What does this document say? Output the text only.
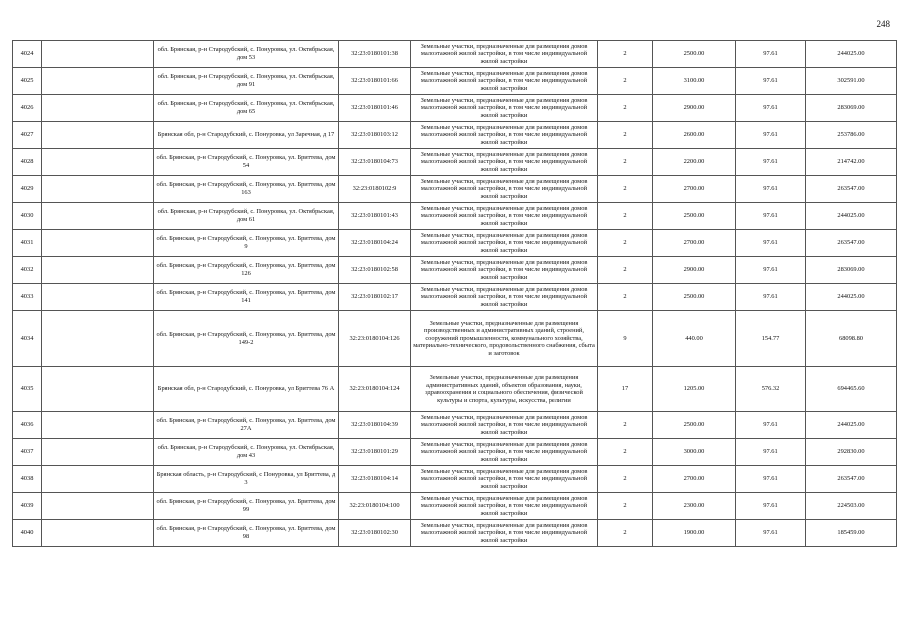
248
4024		обл. Брянская, р-н Стародубский, с. Понуровка, ул. Октябрьская, дом 53	32:23:0180101:38	Земельные участки, предназначенные для размещения домов малоэтажной жилой застройки, в том числе индивидуальной жилой застройки	2	2500.00	97.61	244025.00
4025		обл. Брянская, р-н Стародубский, с. Понуровка, ул. Октябрьская, дом 91	32:23:0180101:66	Земельные участки, предназначенные для размещения домов малоэтажной жилой застройки, в том числе индивидуальной жилой застройки	2	3100.00	97.61	302591.00
4026		обл. Брянская, р-н Стародубский, с. Понуровка, ул. Октябрьская, дом 65	32:23:0180101:46	Земельные участки, предназначенные для размещения домов малоэтажной жилой застройки, в том числе индивидуальной жилой застройки	2	2900.00	97.61	283069.00
4027		Брянская обл, р-н Стародубский, с. Понуровка, ул Заречная, д 17	32:23:0180103:12	Земельные участки, предназначенные для размещения домов малоэтажной жилой застройки, в том числе индивидуальной жилой застройки	2	2600.00	97.61	253786.00
4028		обл. Брянская, р-н Стародубский, с. Понуровка, ул. Бриттева, дом 54	32:23:0180104:73	Земельные участки, предназначенные для размещения домов малоэтажной жилой застройки, в том числе индивидуальной жилой застройки	2	2200.00	97.61	214742.00
4029		обл. Брянская, р-н Стародубский, с. Понуровка, ул. Бриттева, дом 163	32:23:0180102:9	Земельные участки, предназначенные для размещения домов малоэтажной жилой застройки, в том числе индивидуальной жилой застройки	2	2700.00	97.61	263547.00
4030		обл. Брянская, р-н Стародубский, с. Понуровка, ул. Октябрьская, дом 61	32:23:0180101:43	Земельные участки, предназначенные для размещения домов малоэтажной жилой застройки, в том числе индивидуальной жилой застройки	2	2500.00	97.61	244025.00
4031		обл. Брянская, р-н Стародубский, с. Понуровка, ул. Бриттева, дом 9	32:23:0180104:24	Земельные участки, предназначенные для размещения домов малоэтажной жилой застройки, в том числе индивидуальной жилой застройки	2	2700.00	97.61	263547.00
4032		обл. Брянская, р-н Стародубский, с. Понуровка, ул. Бриттева, дом 126	32:23:0180102:58	Земельные участки, предназначенные для размещения домов малоэтажной жилой застройки, в том числе индивидуальной жилой застройки	2	2900.00	97.61	283069.00
4033		обл. Брянская, р-н Стародубский, с. Понуровка, ул. Бриттева, дом 141	32:23:0180102:17	Земельные участки, предназначенные для размещения домов малоэтажной жилой застройки, в том числе индивидуальной жилой застройки	2	2500.00	97.61	244025.00
4034		обл. Брянская, р-н Стародубский, с. Понуровка, ул. Бриттева, дом 149-2	32:23:0180104:126	Земельные участки, предназначенные для размещения производственных и административных зданий, строений, сооружений промышленности, коммунального хозяйства, материально-технического, продовольственного снабжения, сбыта и заготовок	9	440.00	154.77	68098.80
4035		Брянская обл, р-н Стародубский, с. Понуровка, ул Бриттева 76 А	32:23:0180104:124	Земельные участки, предназначенные для размещения административных зданий, объектов образования, науки, здравоохранения и социального обеспечения, физической культуры и спорта, культуры, искусства, религии	17	1205.00	576.32	694465.60
4036		обл. Брянская, р-н Стародубский, с. Понуровка, ул. Бриттева, дом 27А	32:23:0180104:39	Земельные участки, предназначенные для размещения домов малоэтажной жилой застройки, в том числе индивидуальной жилой застройки	2	2500.00	97.61	244025.00
4037		обл. Брянская, р-н Стародубский, с. Понуровка, ул. Октябрьская, дом 43	32:23:0180101:29	Земельные участки, предназначенные для размещения домов малоэтажной жилой застройки, в том числе индивидуальной жилой застройки	2	3000.00	97.61	292830.00
4038		Брянская область, р-н Стародубский, с Понуровка, ул Бриттева, д 3	32:23:0180104:14	Земельные участки, предназначенные для размещения домов малоэтажной жилой застройки, в том числе индивидуальной жилой застройки	2	2700.00	97.61	263547.00
4039		обл. Брянская, р-н Стародубский, с. Понуровка, ул. Бриттева, дом 99	32:23:0180104:100	Земельные участки, предназначенные для размещения домов малоэтажной жилой застройки, в том числе индивидуальной жилой застройки	2	2300.00	97.61	224503.00
4040		обл. Брянская, р-н Стародубский, с. Понуровка, ул. Бриттева, дом 98	32:23:0180102:30	Земельные участки, предназначенные для размещения домов малоэтажной жилой застройки, в том числе индивидуальной жилой застройки	2	1900.00	97.61	185459.00
